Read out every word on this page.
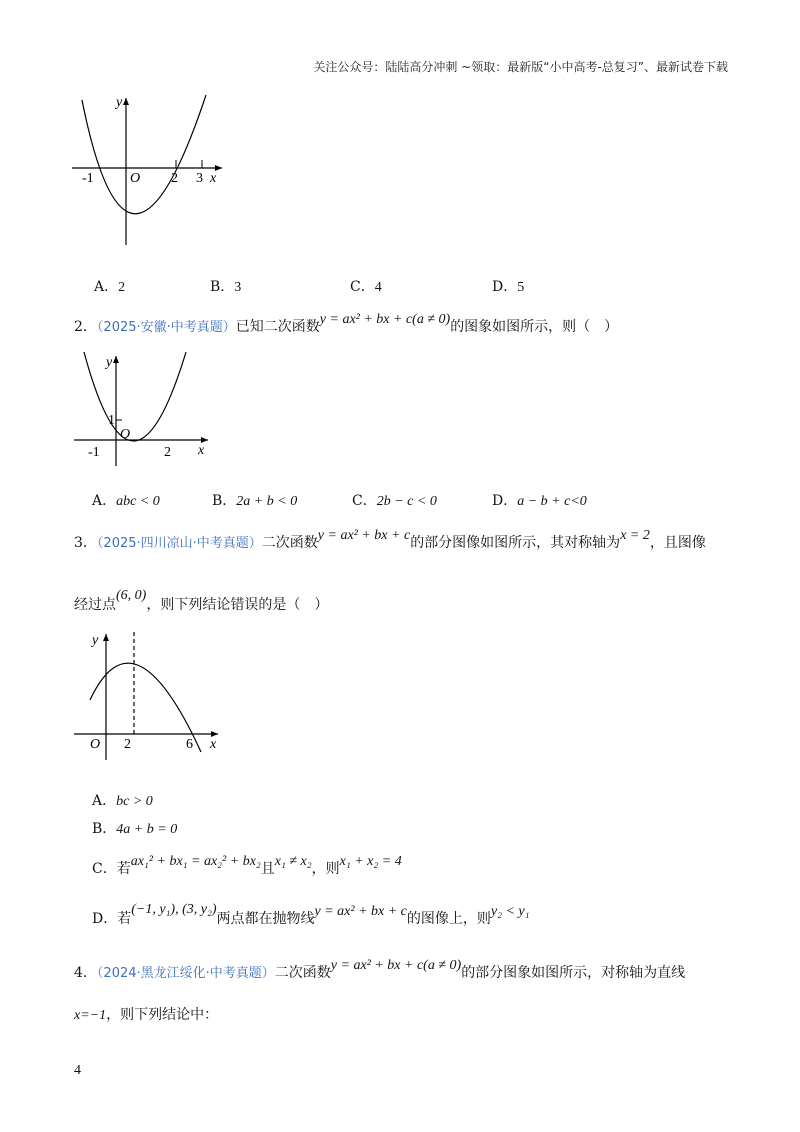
关注公众号：陆陆高分冲刺 ~领取：最新版“小中高考-总复习”、最新试卷下载
y
x
O
-1	2 3
A．2	B．3	C．4	D．5
2．（2025·安徽·中考真题）已知二次函数y = ax² + bx + c(a ≠ 0)的图象如图所示，则（　）
y
x
O
1
-1	2
A．abc < 0	B．2a + b < 0	C．2b − c < 0	D．a − b + c<0
3．（2025·四川凉山·中考真题）二次函数y = ax² + bx + c的部分图像如图所示，其对称轴为x = 2，且图像
经过点(6, 0)，则下列结论错误的是（　）
y
x
O 2	6
A．bc > 0
B．4a + b = 0
C．若ax₁² + bx₁ = ax₂² + bx₂且x₁ ≠ x₂，则x₁ + x₂ = 4
D．若(−1, y₁), (3, y₂)两点都在抛物线y = ax² + bx + c的图像上，则y₂ < y₁
4．（2024·黑龙江绥化·中考真题）二次函数y = ax² + bx + c(a ≠ 0)的部分图象如图所示，对称轴为直线
x=−1，则下列结论中：
4
